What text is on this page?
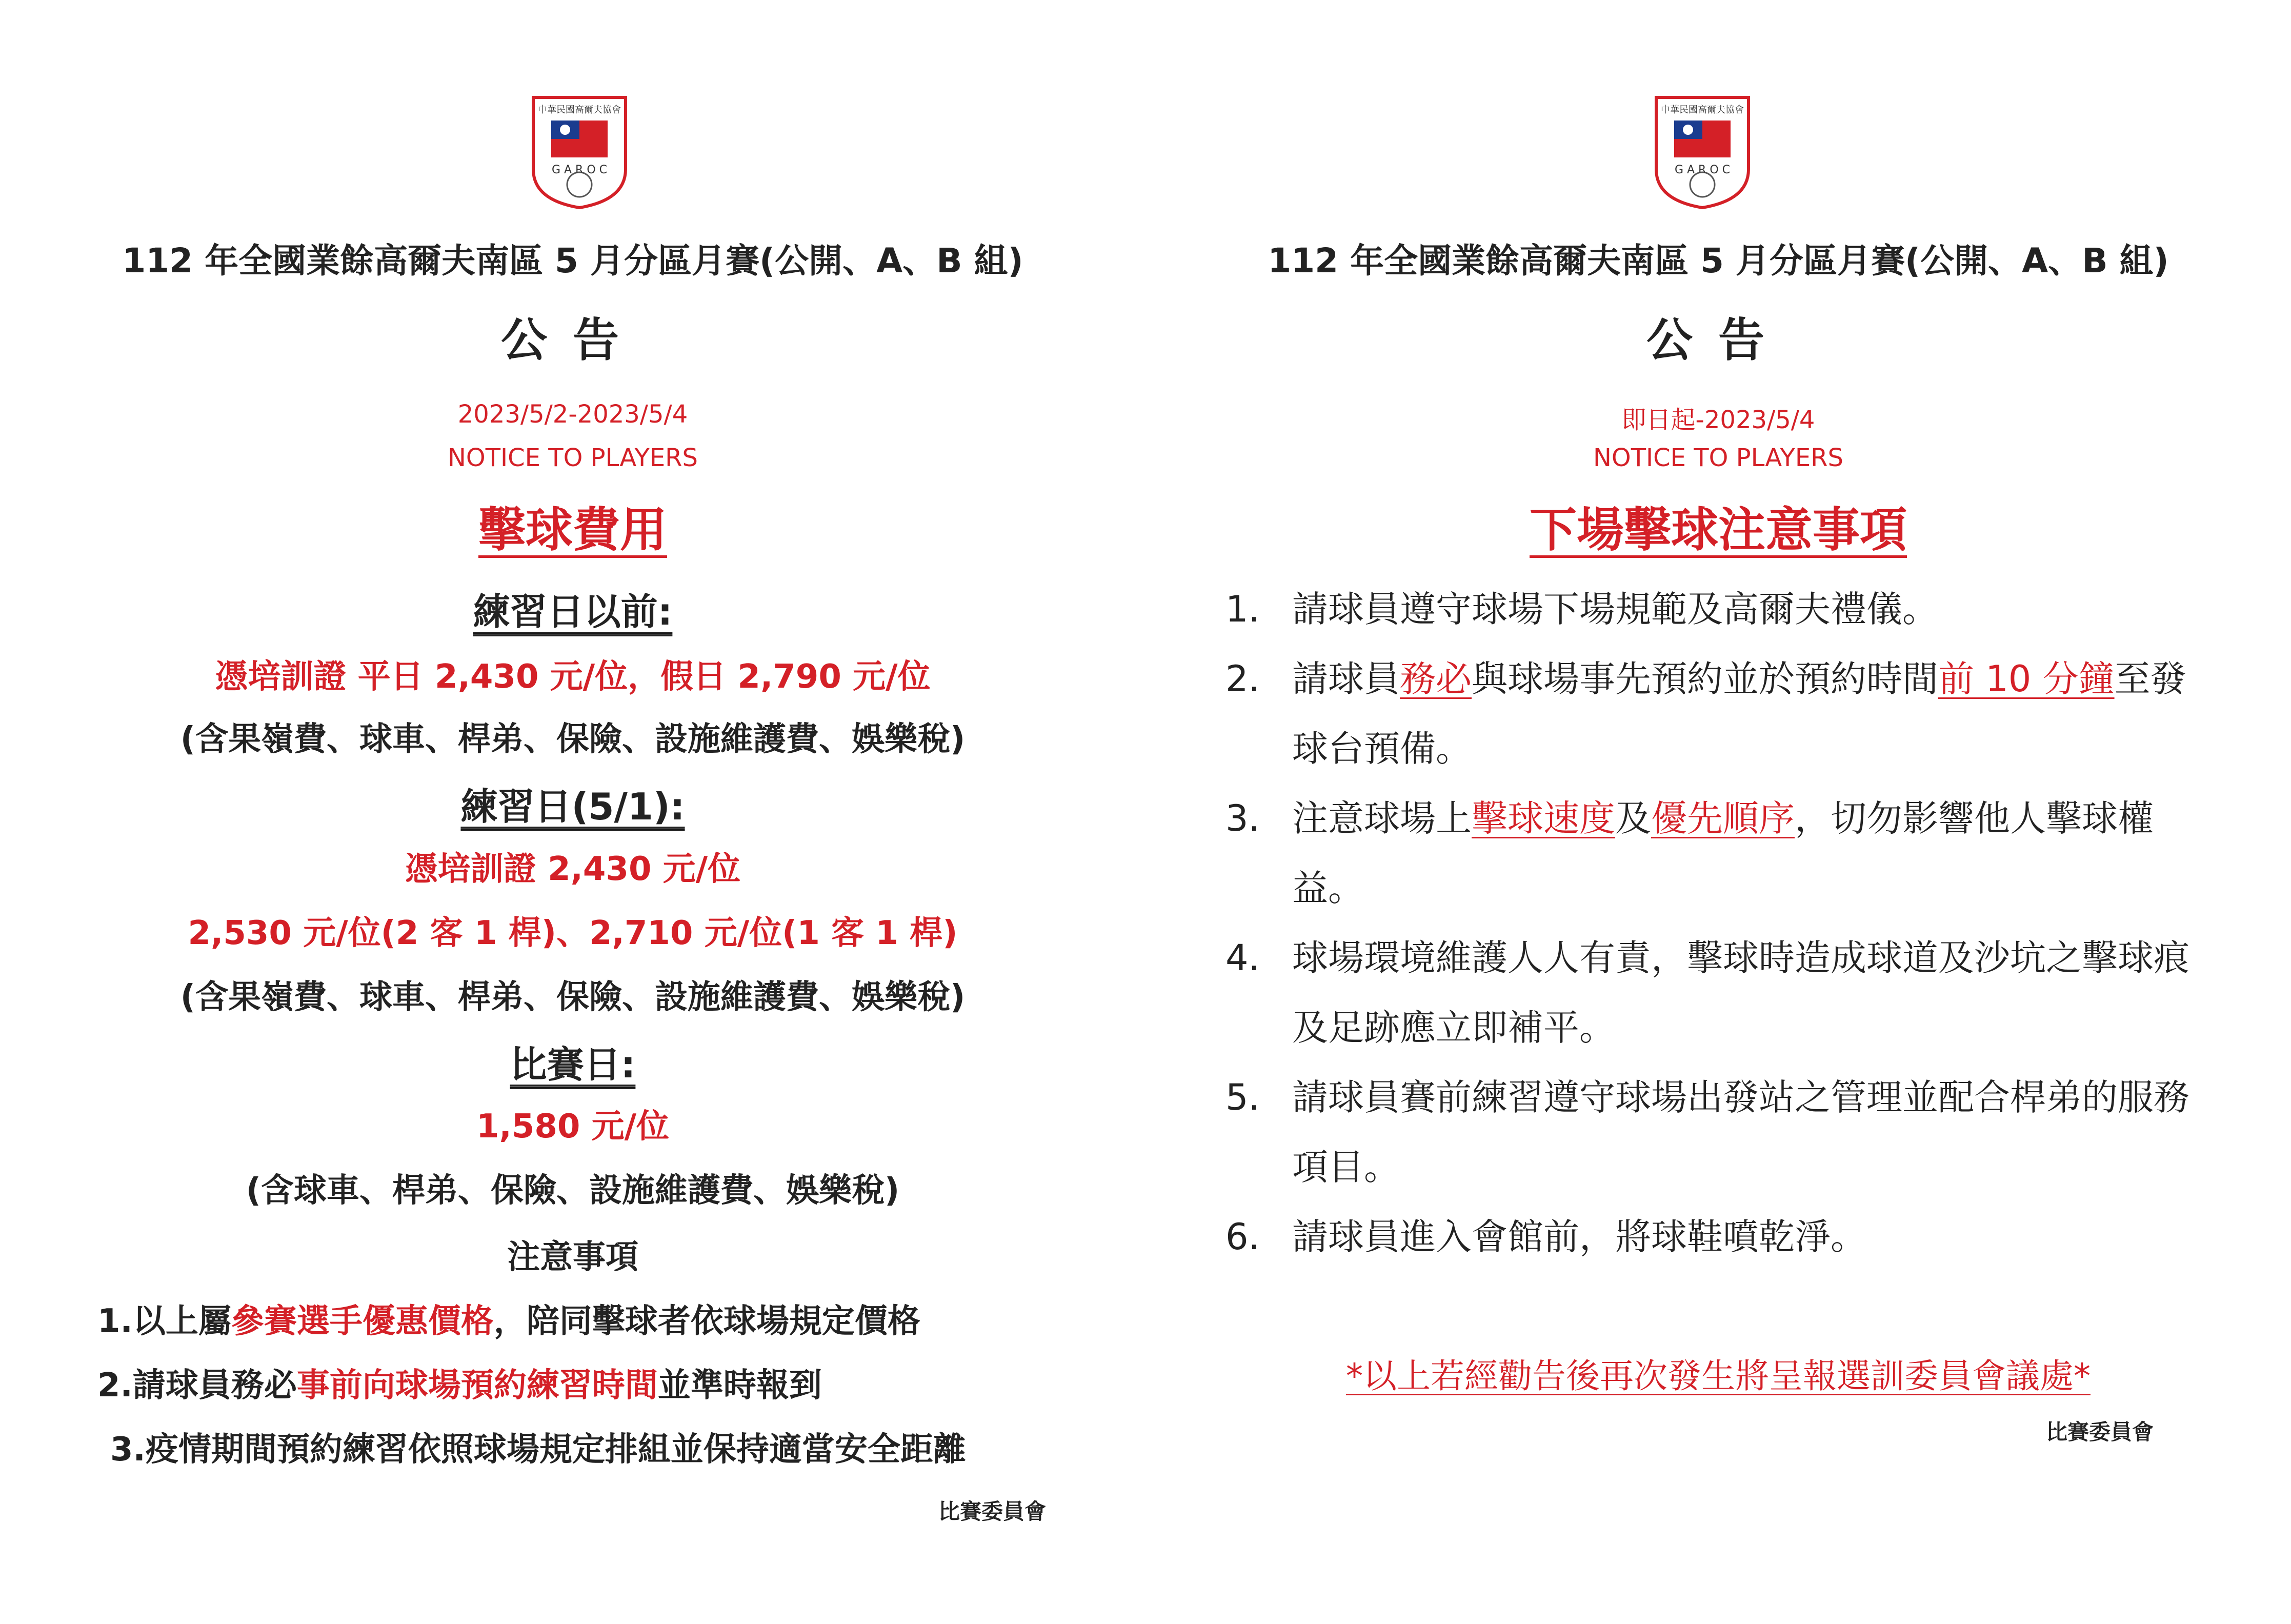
中華民國高爾夫協會
G A R O C
112 年全國業餘高爾夫南區 5 月分區月賽(公開、A、B 組)
公告
2023/5/2-2023/5/4
NOTICE TO PLAYERS
擊球費用
練習日以前:
憑培訓證 平日 2,430 元/位，假日 2,790 元/位
(含果嶺費、球車、桿弟、保險、設施維護費、娛樂稅)
練習日(5/1):
憑培訓證 2,430 元/位
2,530 元/位(2 客 1 桿)、2,710 元/位(1 客 1 桿)
(含果嶺費、球車、桿弟、保險、設施維護費、娛樂稅)
比賽日:
1,580 元/位
(含球車、桿弟、保險、設施維護費、娛樂稅)
注意事項
1.以上屬參賽選手優惠價格，陪同擊球者依球場規定價格
2.請球員務必事前向球場預約練習時間並準時報到
3.疫情期間預約練習依照球場規定排組並保持適當安全距離
比賽委員會
中華民國高爾夫協會
G A R O C
112 年全國業餘高爾夫南區 5 月分區月賽(公開、A、B 組)
公告
即日起-2023/5/4
NOTICE TO PLAYERS
下場擊球注意事項
1. 請球員遵守球場下場規範及高爾夫禮儀。
2. 請球員務必與球場事先預約並於預約時間前 10 分鐘至發球台預備。
3. 注意球場上擊球速度及優先順序，切勿影響他人擊球權益。
4. 球場環境維護人人有責，擊球時造成球道及沙坑之擊球痕及足跡應立即補平。
5. 請球員賽前練習遵守球場出發站之管理並配合桿弟的服務項目。
6. 請球員進入會館前，將球鞋噴乾淨。
*以上若經勸告後再次發生將呈報選訓委員會議處*
比賽委員會
